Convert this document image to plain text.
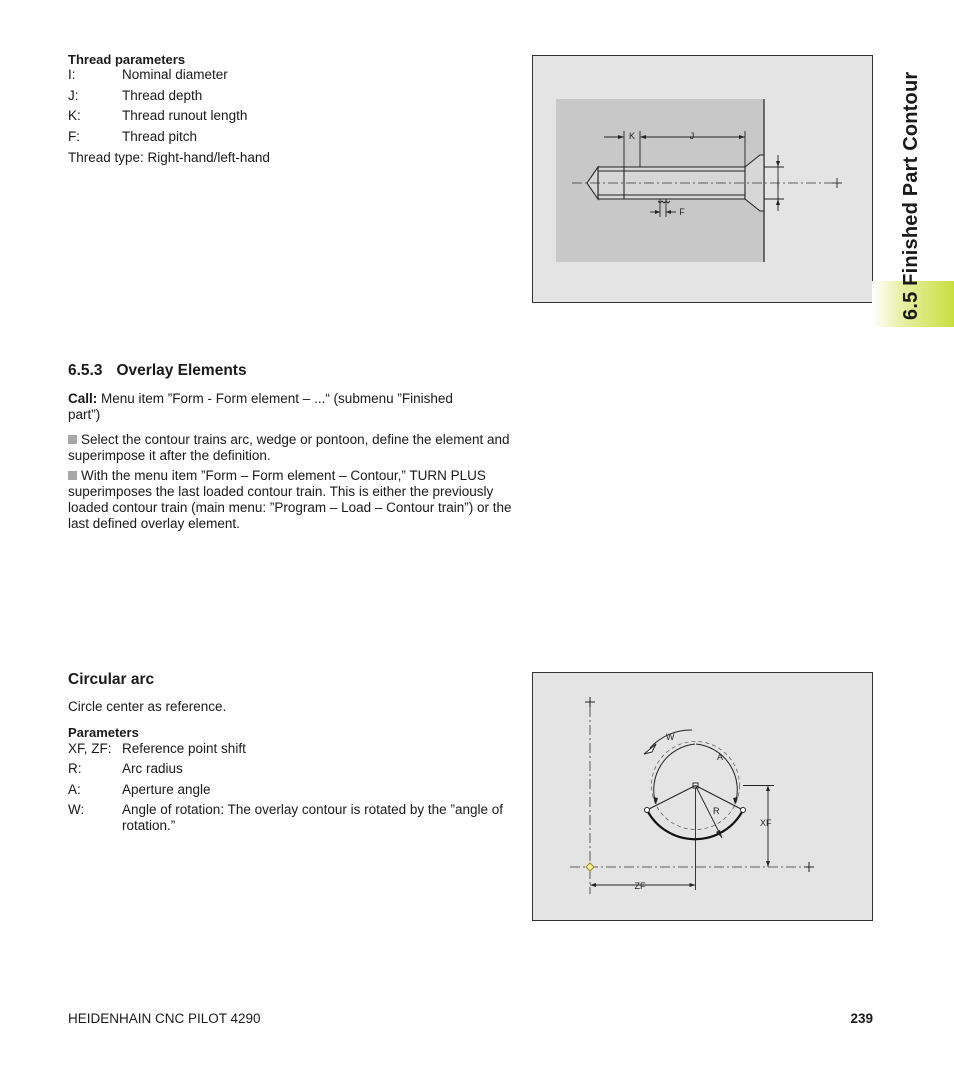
Thread parameters
I:	Nominal diameter
J:	Thread depth
K:	Thread runout length
F:	Thread pitch
Thread type: Right-hand/left-hand
K	J
I
F	6.5 Finished Part Contour
6.5.3 Overlay Elements
Call: Menu item ”Form - Form element – ...“ (submenu ”Finished part”)
Select the contour trains arc, wedge or pontoon, define the element and superimpose it after the definition.
With the menu item ”Form – Form element – Contour,” TURN PLUS superimposes the last loaded contour train. This is either the previously loaded contour train (main menu: ”Program – Load – Contour train”) or the last defined overlay element.
Circular arc
Circle center as reference.
Parameters
XF, ZF: Reference point shift
R:	Arc radius
A:	Aperture angle
W:	Angle of rotation: The overlay contour is rotated by the ”angle of rotation.”
R
A
W
XF
ZF
HEIDENHAIN CNC PILOT 4290	239
